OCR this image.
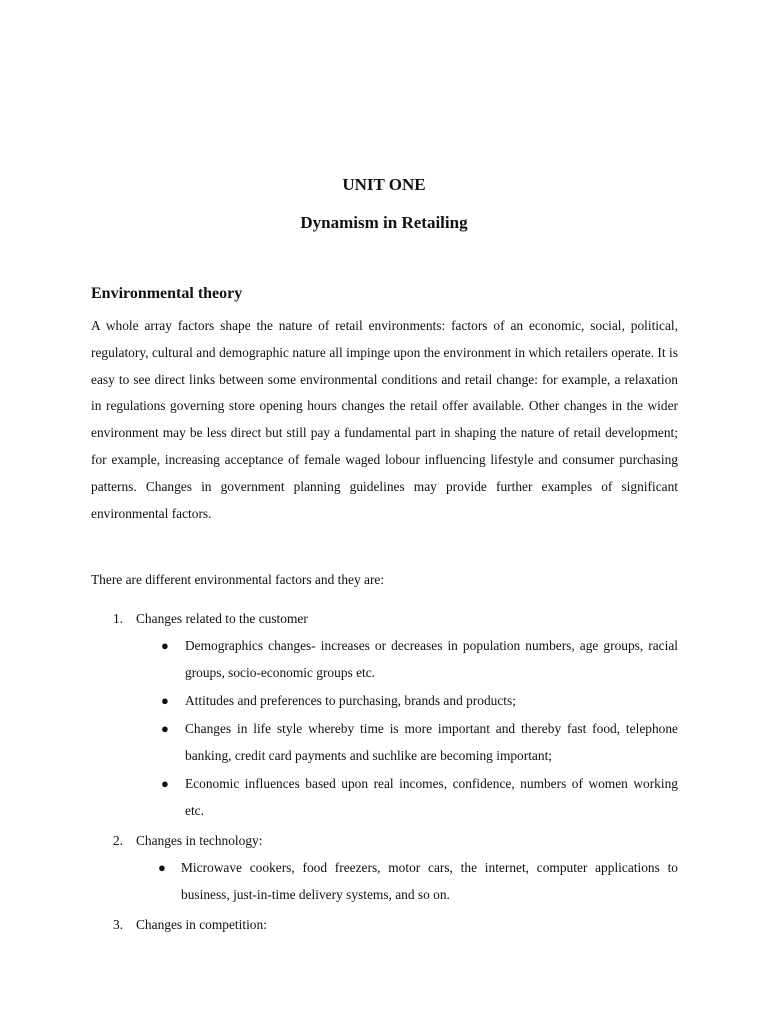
UNIT ONE
Dynamism in Retailing
Environmental theory

A whole array factors shape the nature of retail environments: factors of an economic, social, political, regulatory, cultural and demographic nature all impinge upon the environment in which retailers operate. It is easy to see direct links between some environmental conditions and retail change: for example, a relaxation in regulations governing store opening hours changes the retail offer available. Other changes in the wider environment may be less direct but still pay a fundamental part in shaping the nature of retail development; for example, increasing acceptance of female waged lobour influencing lifestyle and consumer purchasing patterns. Changes in government planning guidelines may provide further examples of significant environmental factors.

There are different environmental factors and they are:

1. Changes related to the customer
● Demographics changes- increases or decreases in population numbers, age groups, racial groups, socio-economic groups etc.
● Attitudes and preferences to purchasing, brands and products;
● Changes in life style whereby time is more important and thereby fast food, telephone banking, credit card payments and suchlike are becoming important;
● Economic influences based upon real incomes, confidence, numbers of women working etc.
2. Changes in technology:
● Microwave cookers, food freezers, motor cars, the internet, computer applications to business, just-in-time delivery systems, and so on.
3. Changes in competition:
